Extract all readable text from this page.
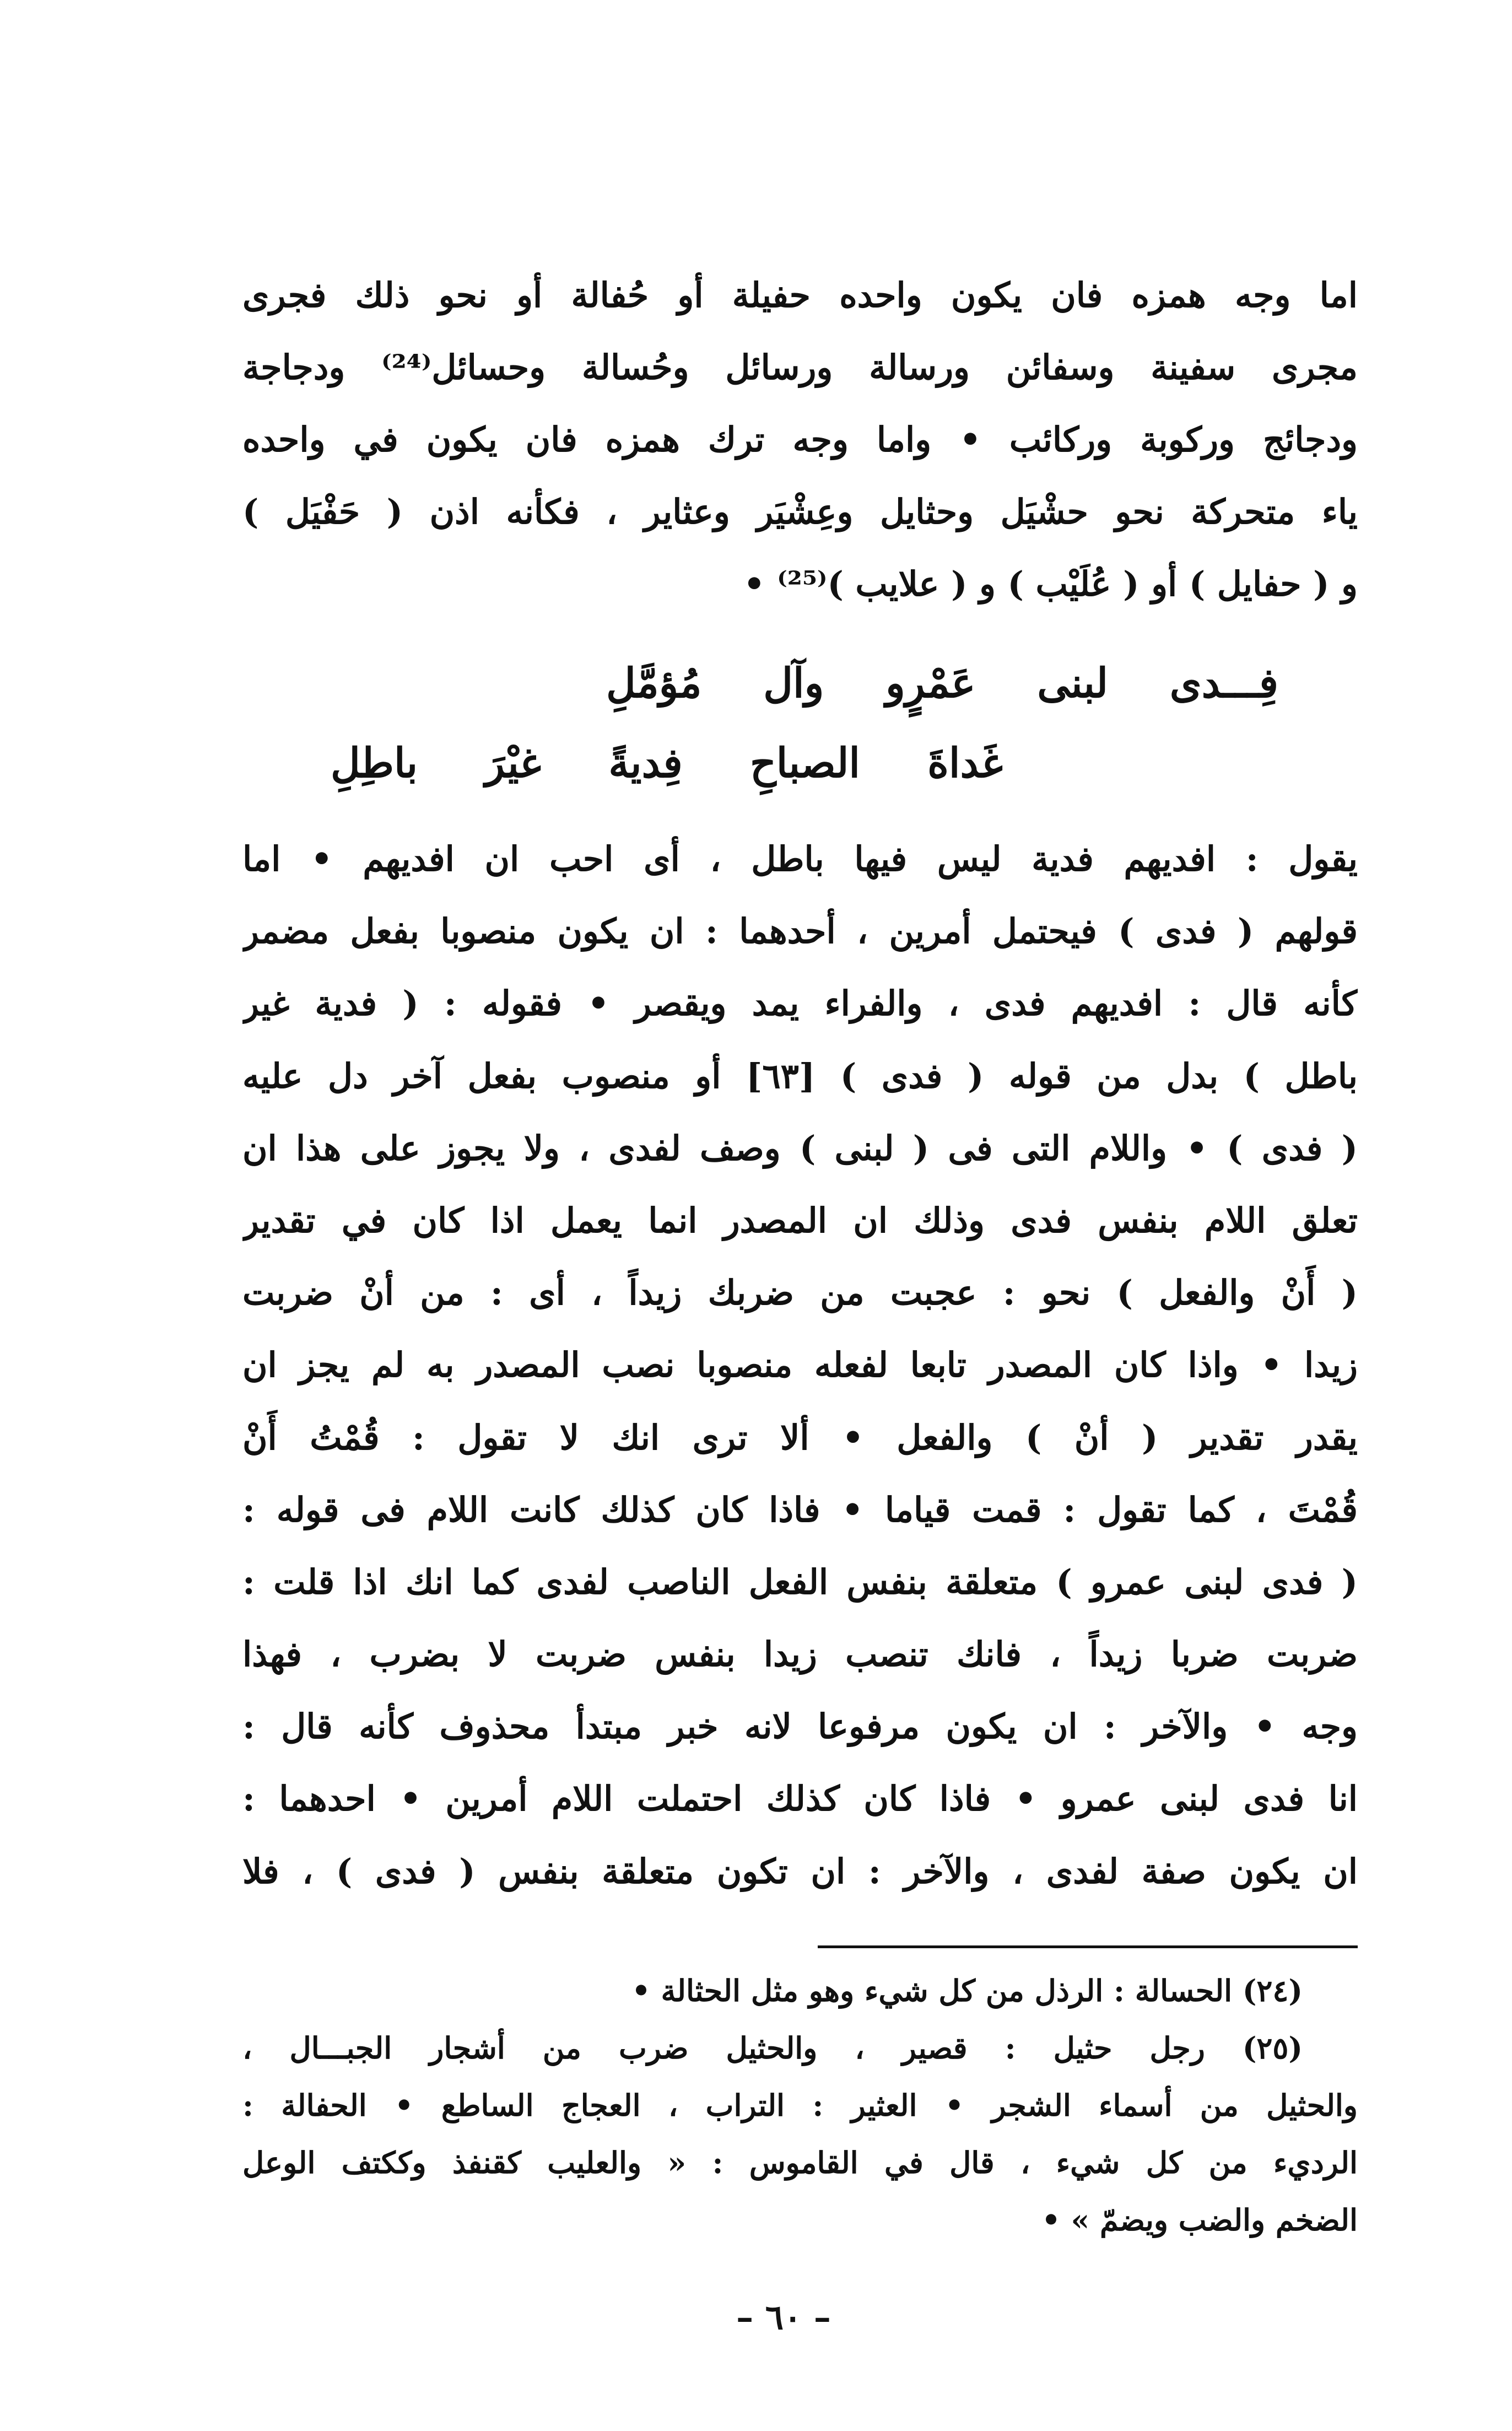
اما وجه همزه فان يكون واحده حفيلة أو حُفالة أو نحو ذلك فجرى
مجرى سفينة وسفائن ورسالة ورسائل وحُسالة وحسائل⁽²⁴⁾ ودجاجة
ودجائج وركوبة وركائب • واما وجه ترك همزه فان يكون في واحده
ياء متحركة نحو حشْيَل وحثايل وعِشْيَر وعثاير ، فكأنه اذن ( حَفْيَل )
و ( حفايل ) أو ( عُلَيْب ) و ( علايب )⁽²⁵⁾ •
فِـــدى لبنى عَمْرٍو وآل مُؤمَّلِ
غَداةَ الصباحِ فِديةً غيْرَ باطِلِ
يقول : افديهم فدية ليس فيها باطل ، أى احب ان افديهم • اما
قولهم ( فدى ) فيحتمل أمرين ، أحدهما : ان يكون منصوبا بفعل مضمر
كأنه قال : افديهم فدى ، والفراء يمد ويقصر • فقوله : ( فدية غير
باطل ) بدل من قوله ( فدى ) [٦٣] أو منصوب بفعل آخر دل عليه
( فدى ) • واللام التى فى ( لبنى ) وصف لفدى ، ولا يجوز على هذا ان
تعلق اللام بنفس فدى وذلك ان المصدر انما يعمل اذا كان في تقدير
( أَنْ والفعل ) نحو : عجبت من ضربك زيداً ، أى : من أنْ ضربت
زيدا • واذا كان المصدر تابعا لفعله منصوبا نصب المصدر به لم يجز ان
يقدر تقدير ( أنْ ) والفعل • ألا ترى انك لا تقول : قُمْتُ أَنْ
قُمْتَ ، كما تقول : قمت قياما • فاذا كان كذلك كانت اللام فى قوله :
( فدى لبنى عمرو ) متعلقة بنفس الفعل الناصب لفدى كما انك اذا قلت :
ضربت ضربا زيداً ، فانك تنصب زيدا بنفس ضربت لا بضرب ، فهذا
وجه • والآخر : ان يكون مرفوعا لانه خبر مبتدأ محذوف كأنه قال :
انا فدى لبنى عمرو • فاذا كان كذلك احتملت اللام أمرين • احدهما :
ان يكون صفة لفدى ، والآخر : ان تكون متعلقة بنفس ( فدى ) ، فلا
(٢٤) الحسالة : الرذل من كل شيء وهو مثل الحثالة •
(٢٥) رجل حثيل : قصير ، والحثيل ضرب من أشجار الجبـــال ،
والحثيل من أسماء الشجر • العثير : التراب ، العجاج الساطع • الحفالة :
الرديء من كل شيء ، قال في القاموس : « والعليب كقنفذ وككتف الوعل
الضخم والضب ويضمّ » •
– ٦٠ –
